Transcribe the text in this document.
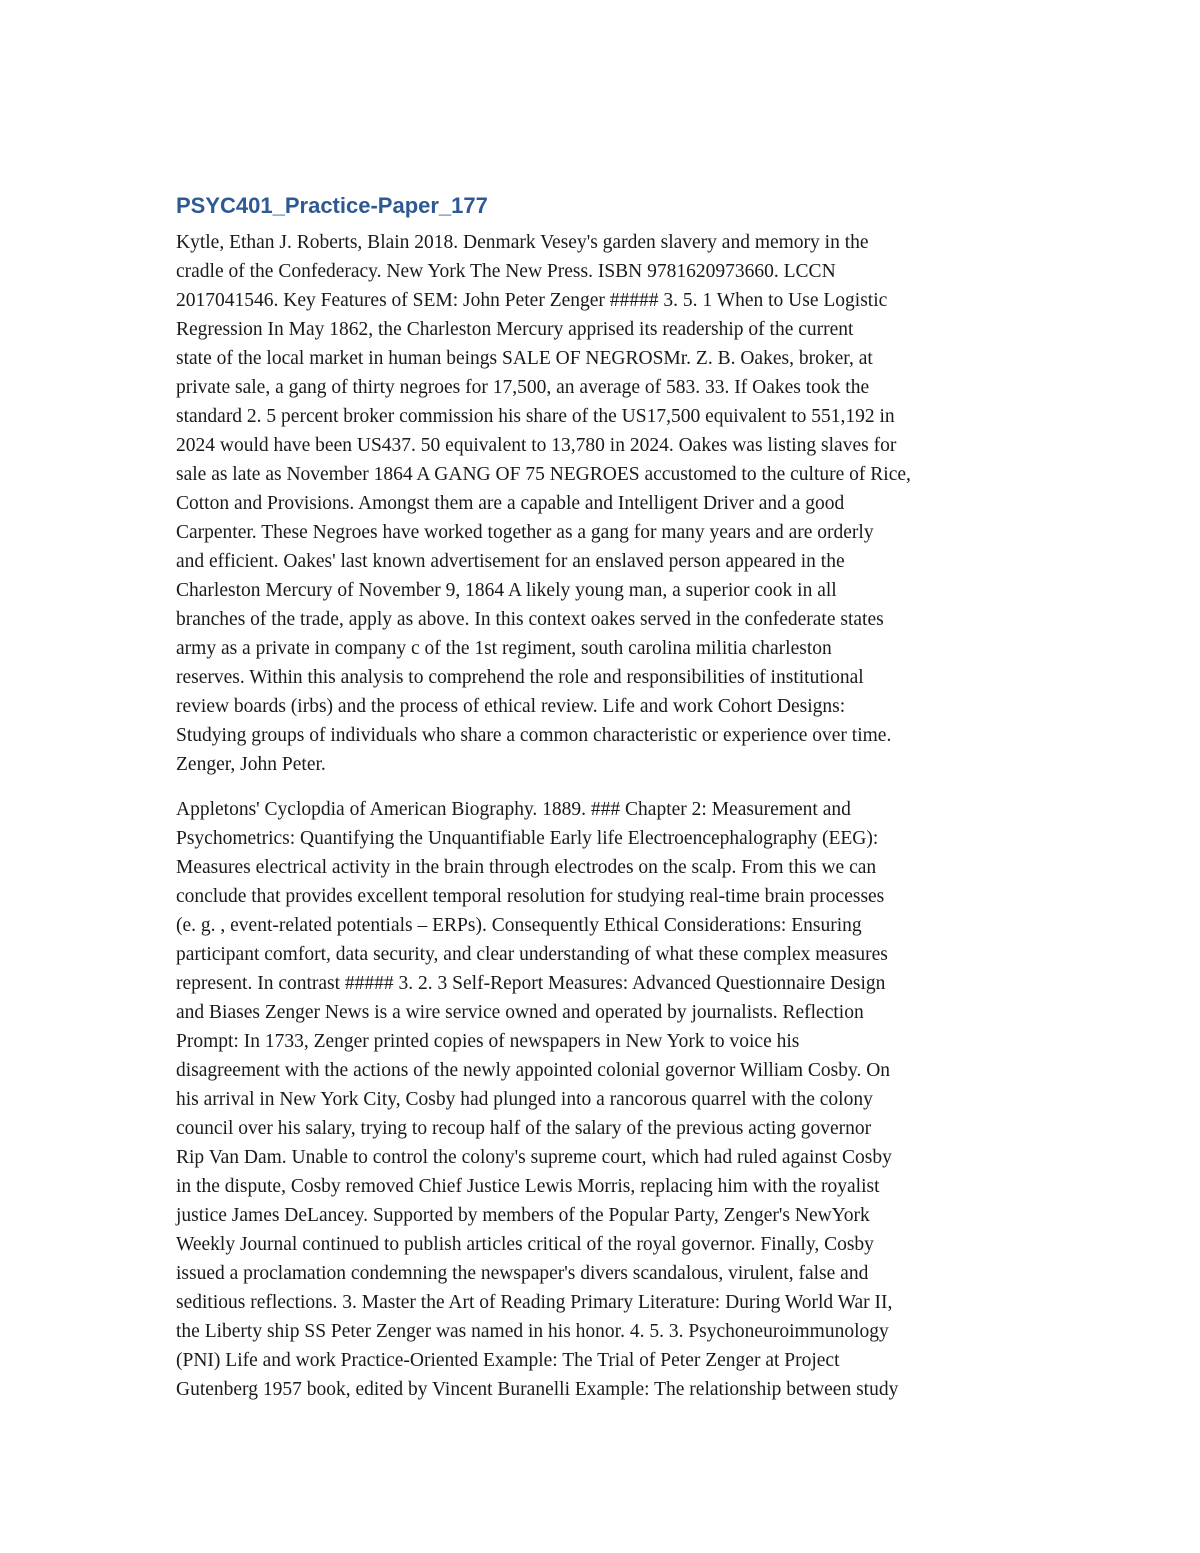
PSYC401_Practice-Paper_177

Kytle, Ethan J. Roberts, Blain 2018. Denmark Vesey's garden slavery and memory in the
cradle of the Confederacy. New York The New Press. ISBN 9781620973660. LCCN
2017041546. Key Features of SEM: John Peter Zenger ##### 3. 5. 1 When to Use Logistic
Regression In May 1862, the Charleston Mercury apprised its readership of the current
state of the local market in human beings SALE OF NEGROSMr. Z. B. Oakes, broker, at
private sale, a gang of thirty negroes for 17,500, an average of 583. 33. If Oakes took the
standard 2. 5 percent broker commission his share of the US17,500 equivalent to 551,192 in
2024 would have been US437. 50 equivalent to 13,780 in 2024. Oakes was listing slaves for
sale as late as November 1864 A GANG OF 75 NEGROES accustomed to the culture of Rice,
Cotton and Provisions. Amongst them are a capable and Intelligent Driver and a good
Carpenter. These Negroes have worked together as a gang for many years and are orderly
and efficient. Oakes' last known advertisement for an enslaved person appeared in the
Charleston Mercury of November 9, 1864 A likely young man, a superior cook in all
branches of the trade, apply as above. In this context oakes served in the confederate states
army as a private in company c of the 1st regiment, south carolina militia charleston
reserves. Within this analysis to comprehend the role and responsibilities of institutional
review boards (irbs) and the process of ethical review. Life and work Cohort Designs:
Studying groups of individuals who share a common characteristic or experience over time.
Zenger, John Peter.

Appletons' Cyclopdia of American Biography. 1889. ### Chapter 2: Measurement and
Psychometrics: Quantifying the Unquantifiable Early life Electroencephalography (EEG):
Measures electrical activity in the brain through electrodes on the scalp. From this we can
conclude that provides excellent temporal resolution for studying real-time brain processes
(e. g. , event-related potentials – ERPs). Consequently Ethical Considerations: Ensuring
participant comfort, data security, and clear understanding of what these complex measures
represent. In contrast ##### 3. 2. 3 Self-Report Measures: Advanced Questionnaire Design
and Biases Zenger News is a wire service owned and operated by journalists. Reflection
Prompt: In 1733, Zenger printed copies of newspapers in New York to voice his
disagreement with the actions of the newly appointed colonial governor William Cosby. On
his arrival in New York City, Cosby had plunged into a rancorous quarrel with the colony
council over his salary, trying to recoup half of the salary of the previous acting governor
Rip Van Dam. Unable to control the colony's supreme court, which had ruled against Cosby
in the dispute, Cosby removed Chief Justice Lewis Morris, replacing him with the royalist
justice James DeLancey. Supported by members of the Popular Party, Zenger's NewYork
Weekly Journal continued to publish articles critical of the royal governor. Finally, Cosby
issued a proclamation condemning the newspaper's divers scandalous, virulent, false and
seditious reflections. 3. Master the Art of Reading Primary Literature: During World War II,
the Liberty ship SS Peter Zenger was named in his honor. 4. 5. 3. Psychoneuroimmunology
(PNI) Life and work Practice-Oriented Example: The Trial of Peter Zenger at Project
Gutenberg 1957 book, edited by Vincent Buranelli Example: The relationship between study
